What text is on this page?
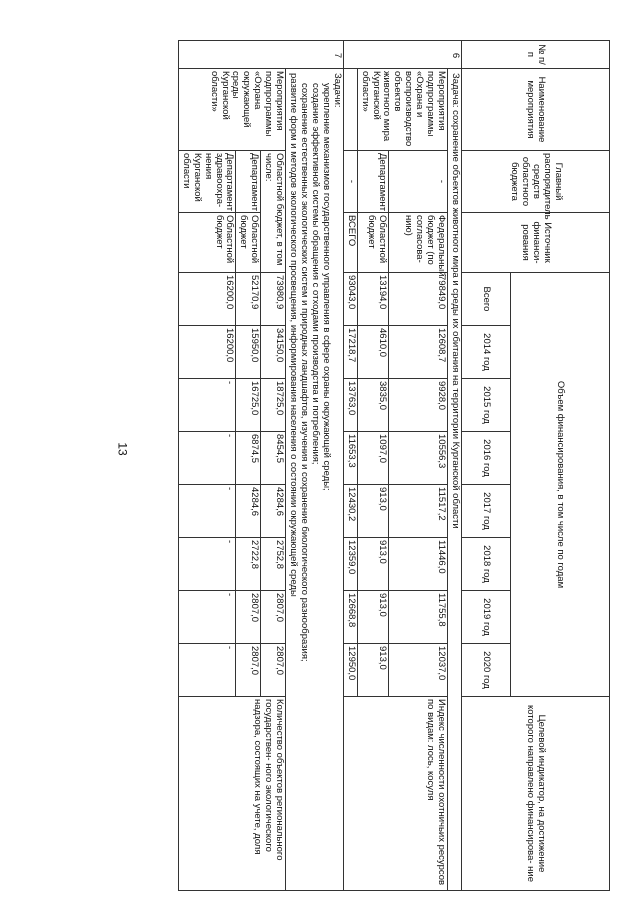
13
№ п/п	Наименование мероприятия	Главный распорядитель средств областного бюджета	Источник финанси- рования	Объем финансирования, в том числе по годам								Целевой индикатор, на достижение которого направлено финансирова- ние
				Всего	2014 год	2015 год	2016 год	2017 год	2018 год	2019 год	2020 год	
6	Задача: сохранение объектов животного мира и среды их обитания на территории Курганской области											
	Мероприятия подпрограммы «Охрана и воспроизводство объектов животного мира Курганской области»	-	Федеральный бюджет (по согласова- нию)	79849,0	12608,7	9928,0	10556,3	11517,2	11446,0	11755,8	12037,0	Индекс численности охотничьих ресурсов по видам: лось, косуля
		Департамент	Областной бюджет	13194,0	4610,0	3835,0	1097,0	913,0	913,0	913,0	913,0	
		-	ВСЕГО	93043,0	17218,7	13763,0	11653,3	12430,2	12359,0	12668,8	12950,0	
7	Задачи:
укрепление механизмов государственного управления в сфере охраны окружающей среды;
создание эффективной системы обращения с отходами производства и потребления;
сохранение естественных экологических систем и природных ландшафтов, изучения и сохранение биологического разнообразия;
развитие форм и методов экологического просвещения, информирования населения о состоянии окружающей среды											

	Мероприятия подпрограммы «Охрана окружающей среды Курганской области»	Областной бюджет, в том числе:		73980,9	34150,0	18725,0	8454,5	4284,6	2752,8	2807,0	2807,0	Количество объектов регионального государствен- ного экологического надзора, состоящих на учете, доля
		Департамент	Областной бюджет	52170,9	15950,0	16725,0	6874,5	4284,6	2722,8	2807,0	2807,0	
		Департамент здравоохра- нения Курганской области	Областной бюджет	16200,0	16200,0	-	-	-	-	-	-	
